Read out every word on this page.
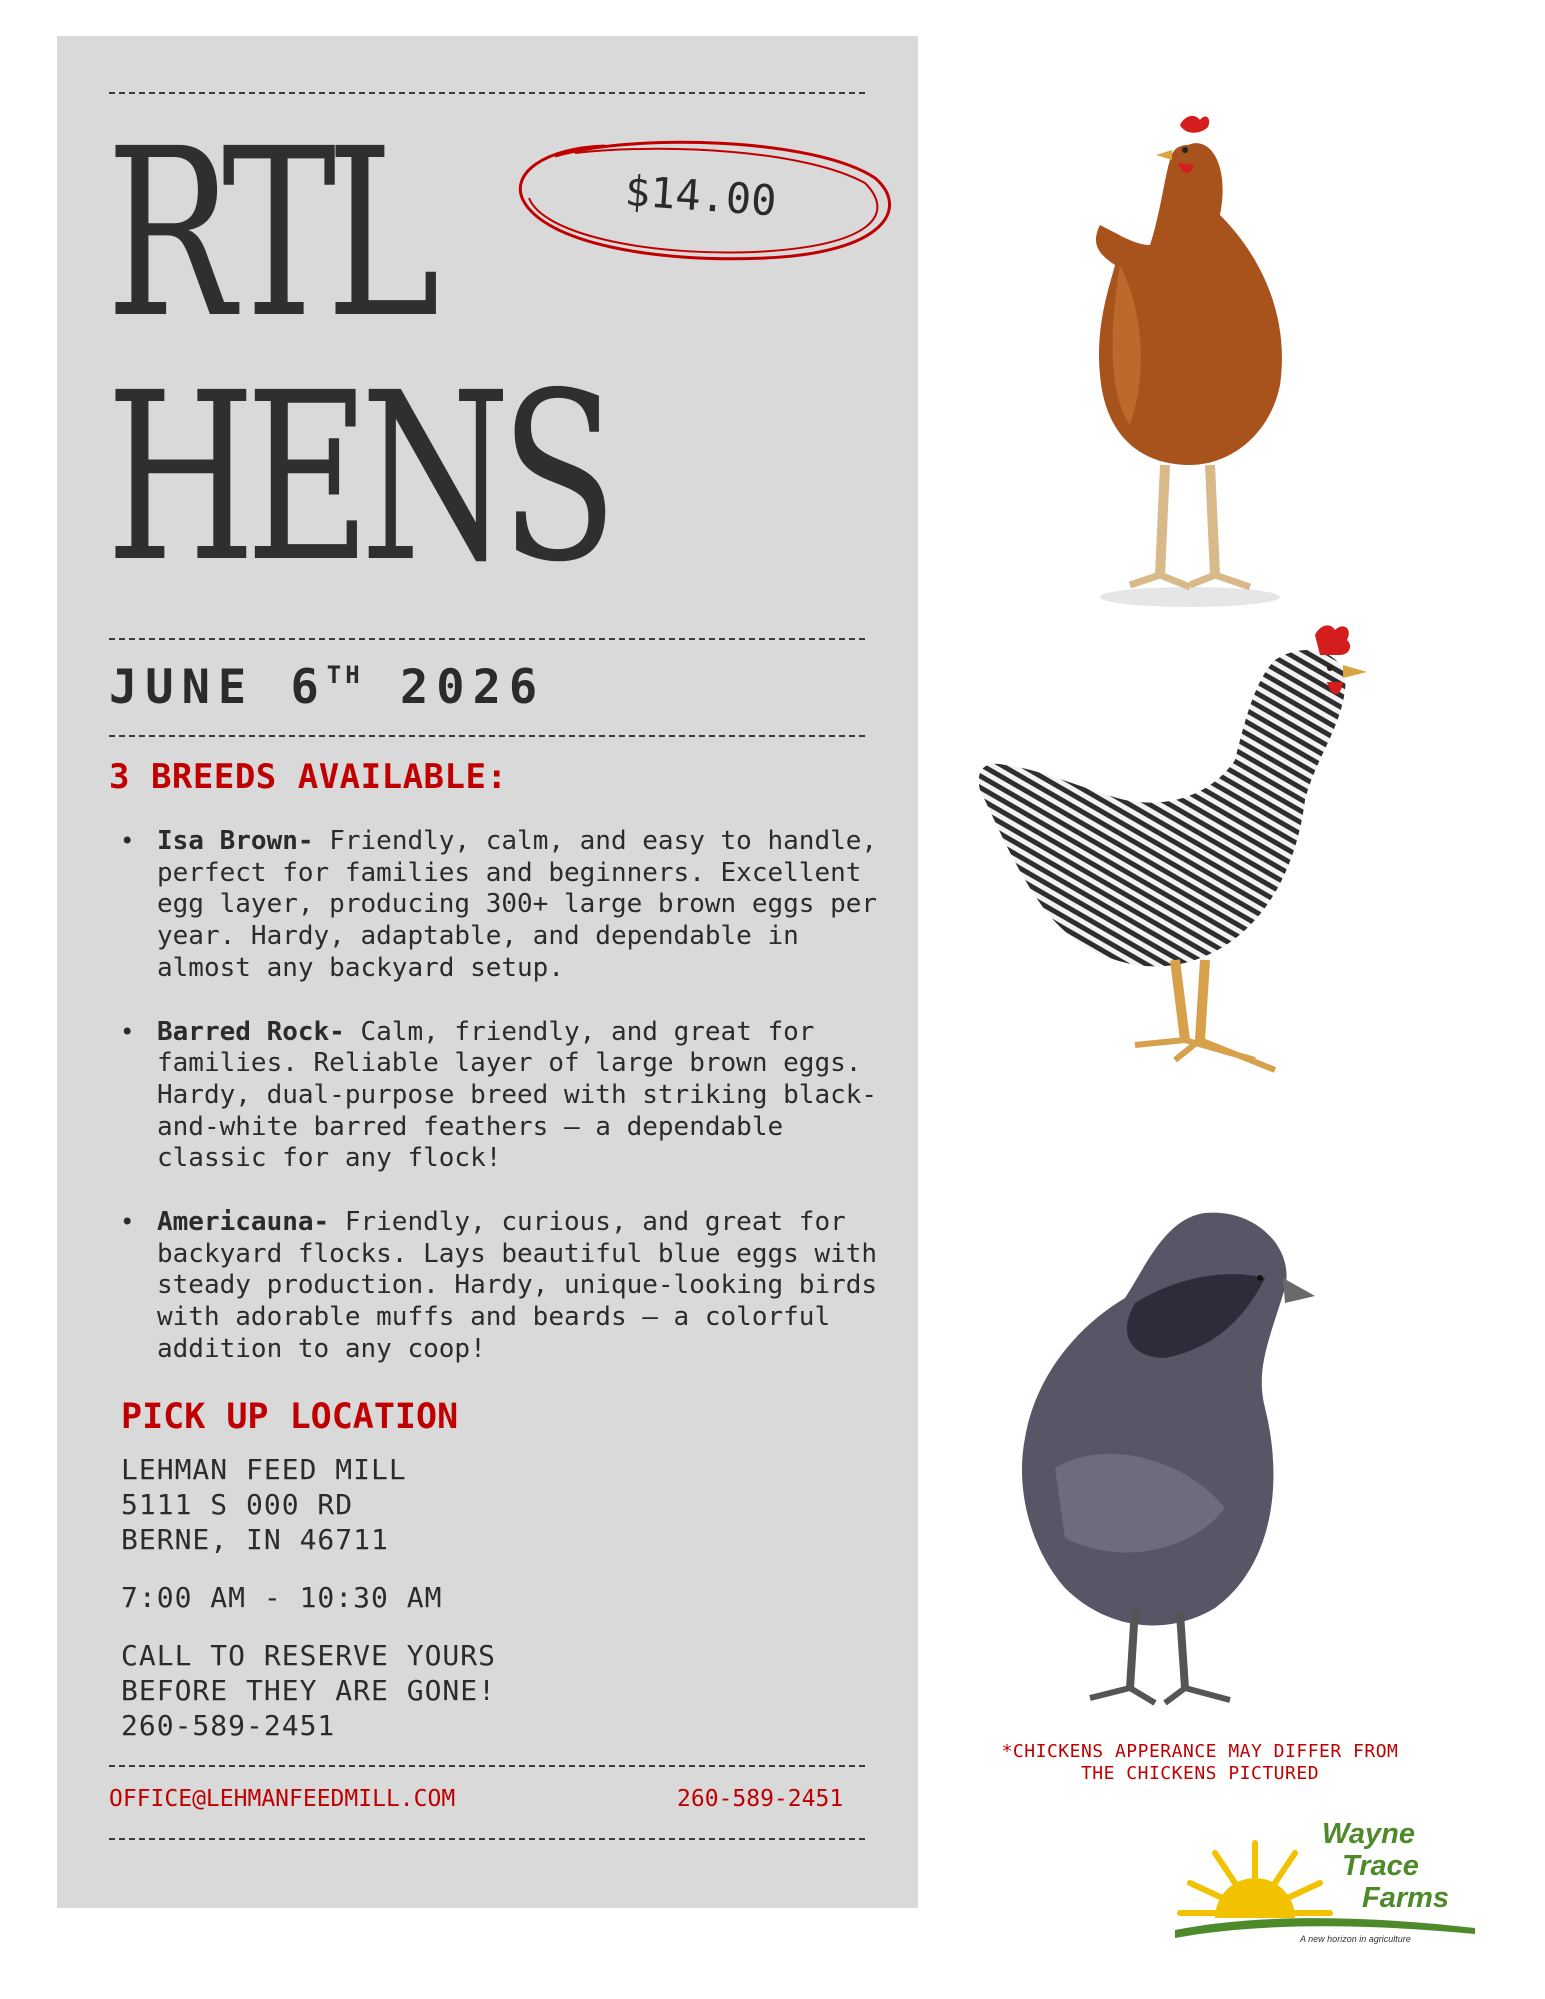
RTL
HENS
$14.00
JUNE 6TH 2026
3 BREEDS AVAILABLE:
• Isa Brown- Friendly, calm, and easy to handle, perfect for families and beginners. Excellent egg layer, producing 300+ large brown eggs per year. Hardy, adaptable, and dependable in almost any backyard setup.
• Barred Rock- Calm, friendly, and great for families. Reliable layer of large brown eggs. Hardy, dual-purpose breed with striking black-and-white barred feathers — a dependable classic for any flock!
• Americauna- Friendly, curious, and great for backyard flocks. Lays beautiful blue eggs with steady production. Hardy, unique-looking birds with adorable muffs and beards — a colorful addition to any coop!
PICK UP LOCATION
LEHMAN FEED MILL
5111 S 000 RD
BERNE, IN 46711
7:00 AM - 10:30 AM
CALL TO RESERVE YOURS
BEFORE THEY ARE GONE!
260-589-2451
OFFICE@LEHMANFEEDMILL.COM	260-589-2451
*CHICKENS APPERANCE MAY DIFFER FROM
THE CHICKENS PICTURED
Wayne
Trace
Farms
A new horizon in agriculture
